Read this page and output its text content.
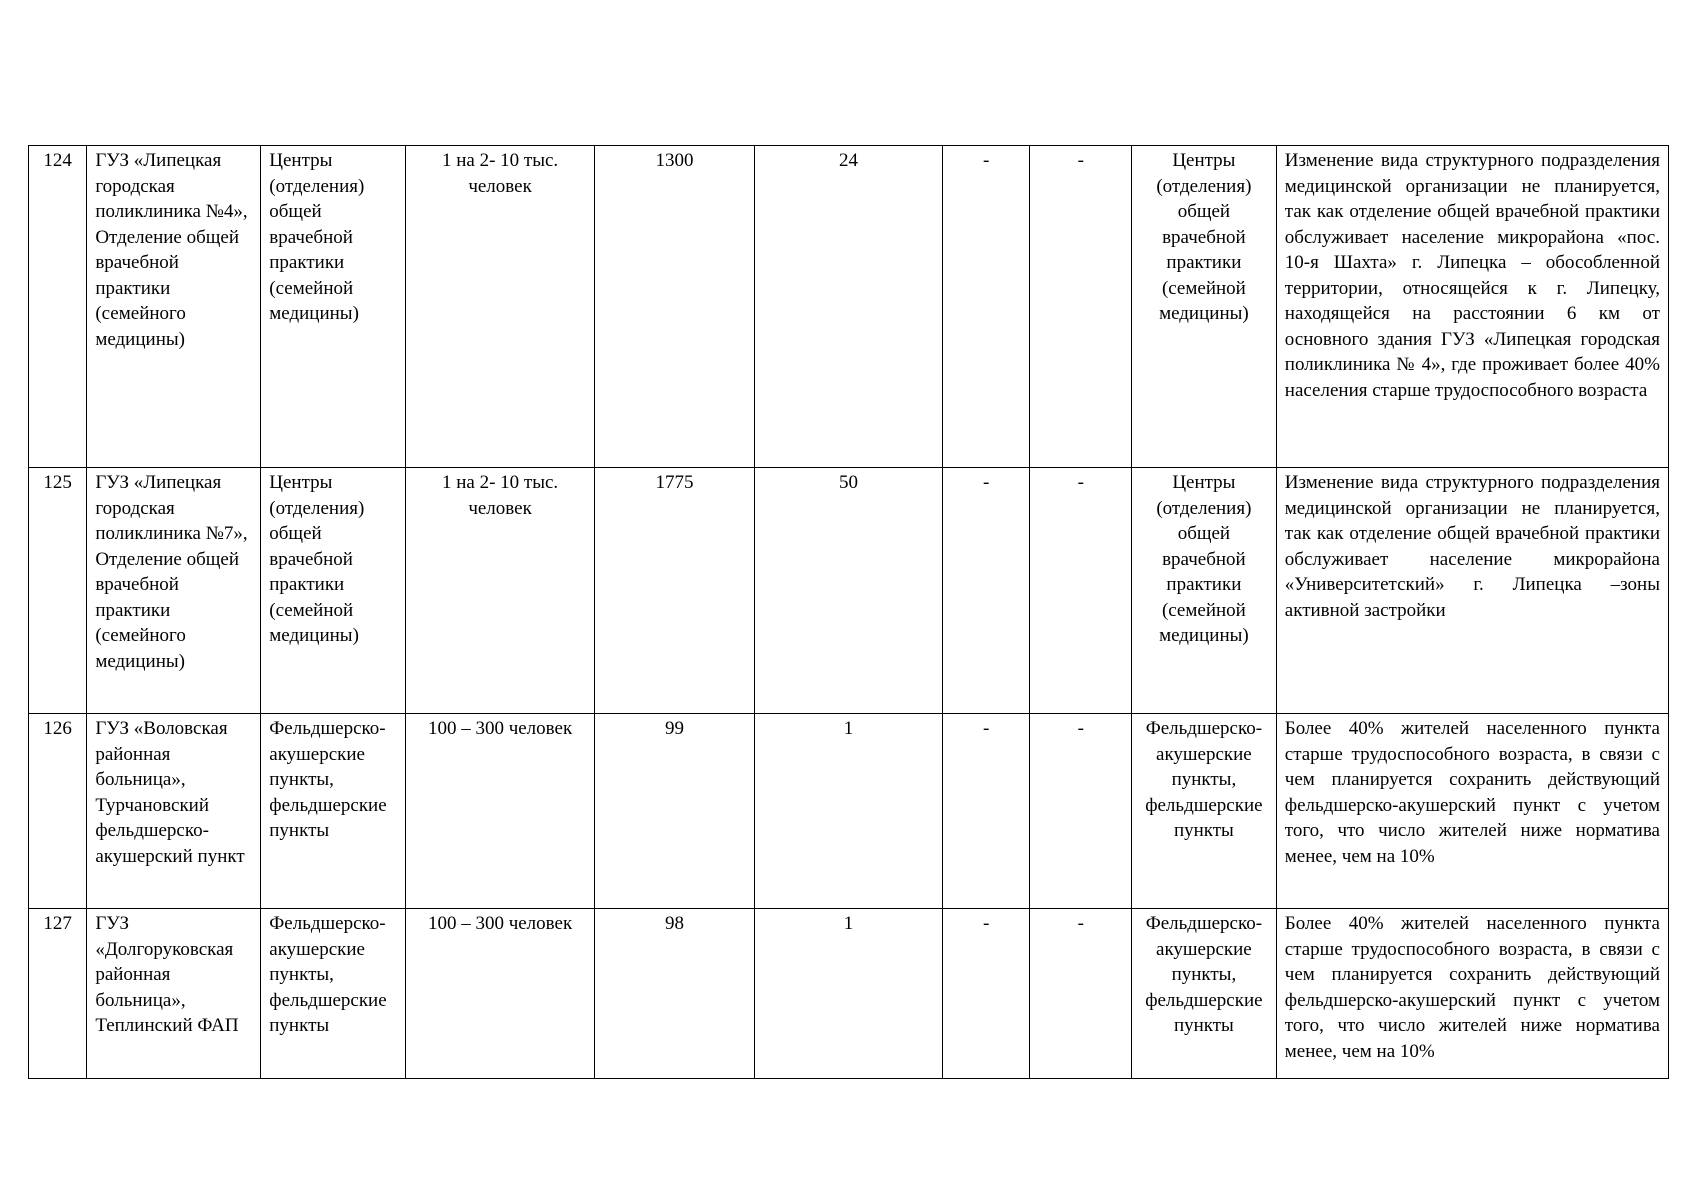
124	ГУЗ «Липецкая городская поликлиника №4», Отделение общей врачебной практики (семейного медицины)	Центры (отделения) общей врачебной практики (семейной медицины)	1 на 2- 10 тыс. человек	1300	24	-	-	Центры (отделения) общей врачебной практики (семейной медицины)	Изменение вида структурного подразделения медицинской организации не планируется, так как отделение общей врачебной практики обслуживает население микрорайона «пос. 10-я Шахта» г. Липецка – обособленной территории, относящейся к г. Липецку, находящейся на расстоянии 6 км от основного здания ГУЗ «Липецкая городская поликлиника № 4», где проживает более 40% населения старше трудоспособного возраста
125	ГУЗ «Липецкая городская поликлиника №7», Отделение общей врачебной практики (семейного медицины)	Центры (отделения) общей врачебной практики (семейной медицины)	1 на 2- 10 тыс. человек	1775	50	-	-	Центры (отделения) общей врачебной практики (семейной медицины)	Изменение вида структурного подразделения медицинской организации не планируется, так как отделение общей врачебной практики обслуживает население микрорайона «Университетский» г. Липецка –зоны активной застройки
126	ГУЗ «Воловская районная больница», Турчановский фельдшерско-акушерский пункт	Фельдшерско-акушерские пункты, фельдшерские пункты	100 – 300 человек	99	1	-	-	Фельдшерско-акушерские пункты, фельдшерские пункты	Более 40% жителей населенного пункта старше трудоспособного возраста, в связи с чем планируется сохранить действующий фельдшерско-акушерский пункт с учетом того, что число жителей ниже норматива менее, чем на 10%
127	ГУЗ «Долгоруковская районная больница», Теплинский ФАП	Фельдшерско-акушерские пункты, фельдшерские пункты	100 – 300 человек	98	1	-	-	Фельдшерско-акушерские пункты, фельдшерские пункты	Более 40% жителей населенного пункта старше трудоспособного возраста, в связи с чем планируется сохранить действующий фельдшерско-акушерский пункт с учетом того, что число жителей ниже норматива менее, чем на 10%
